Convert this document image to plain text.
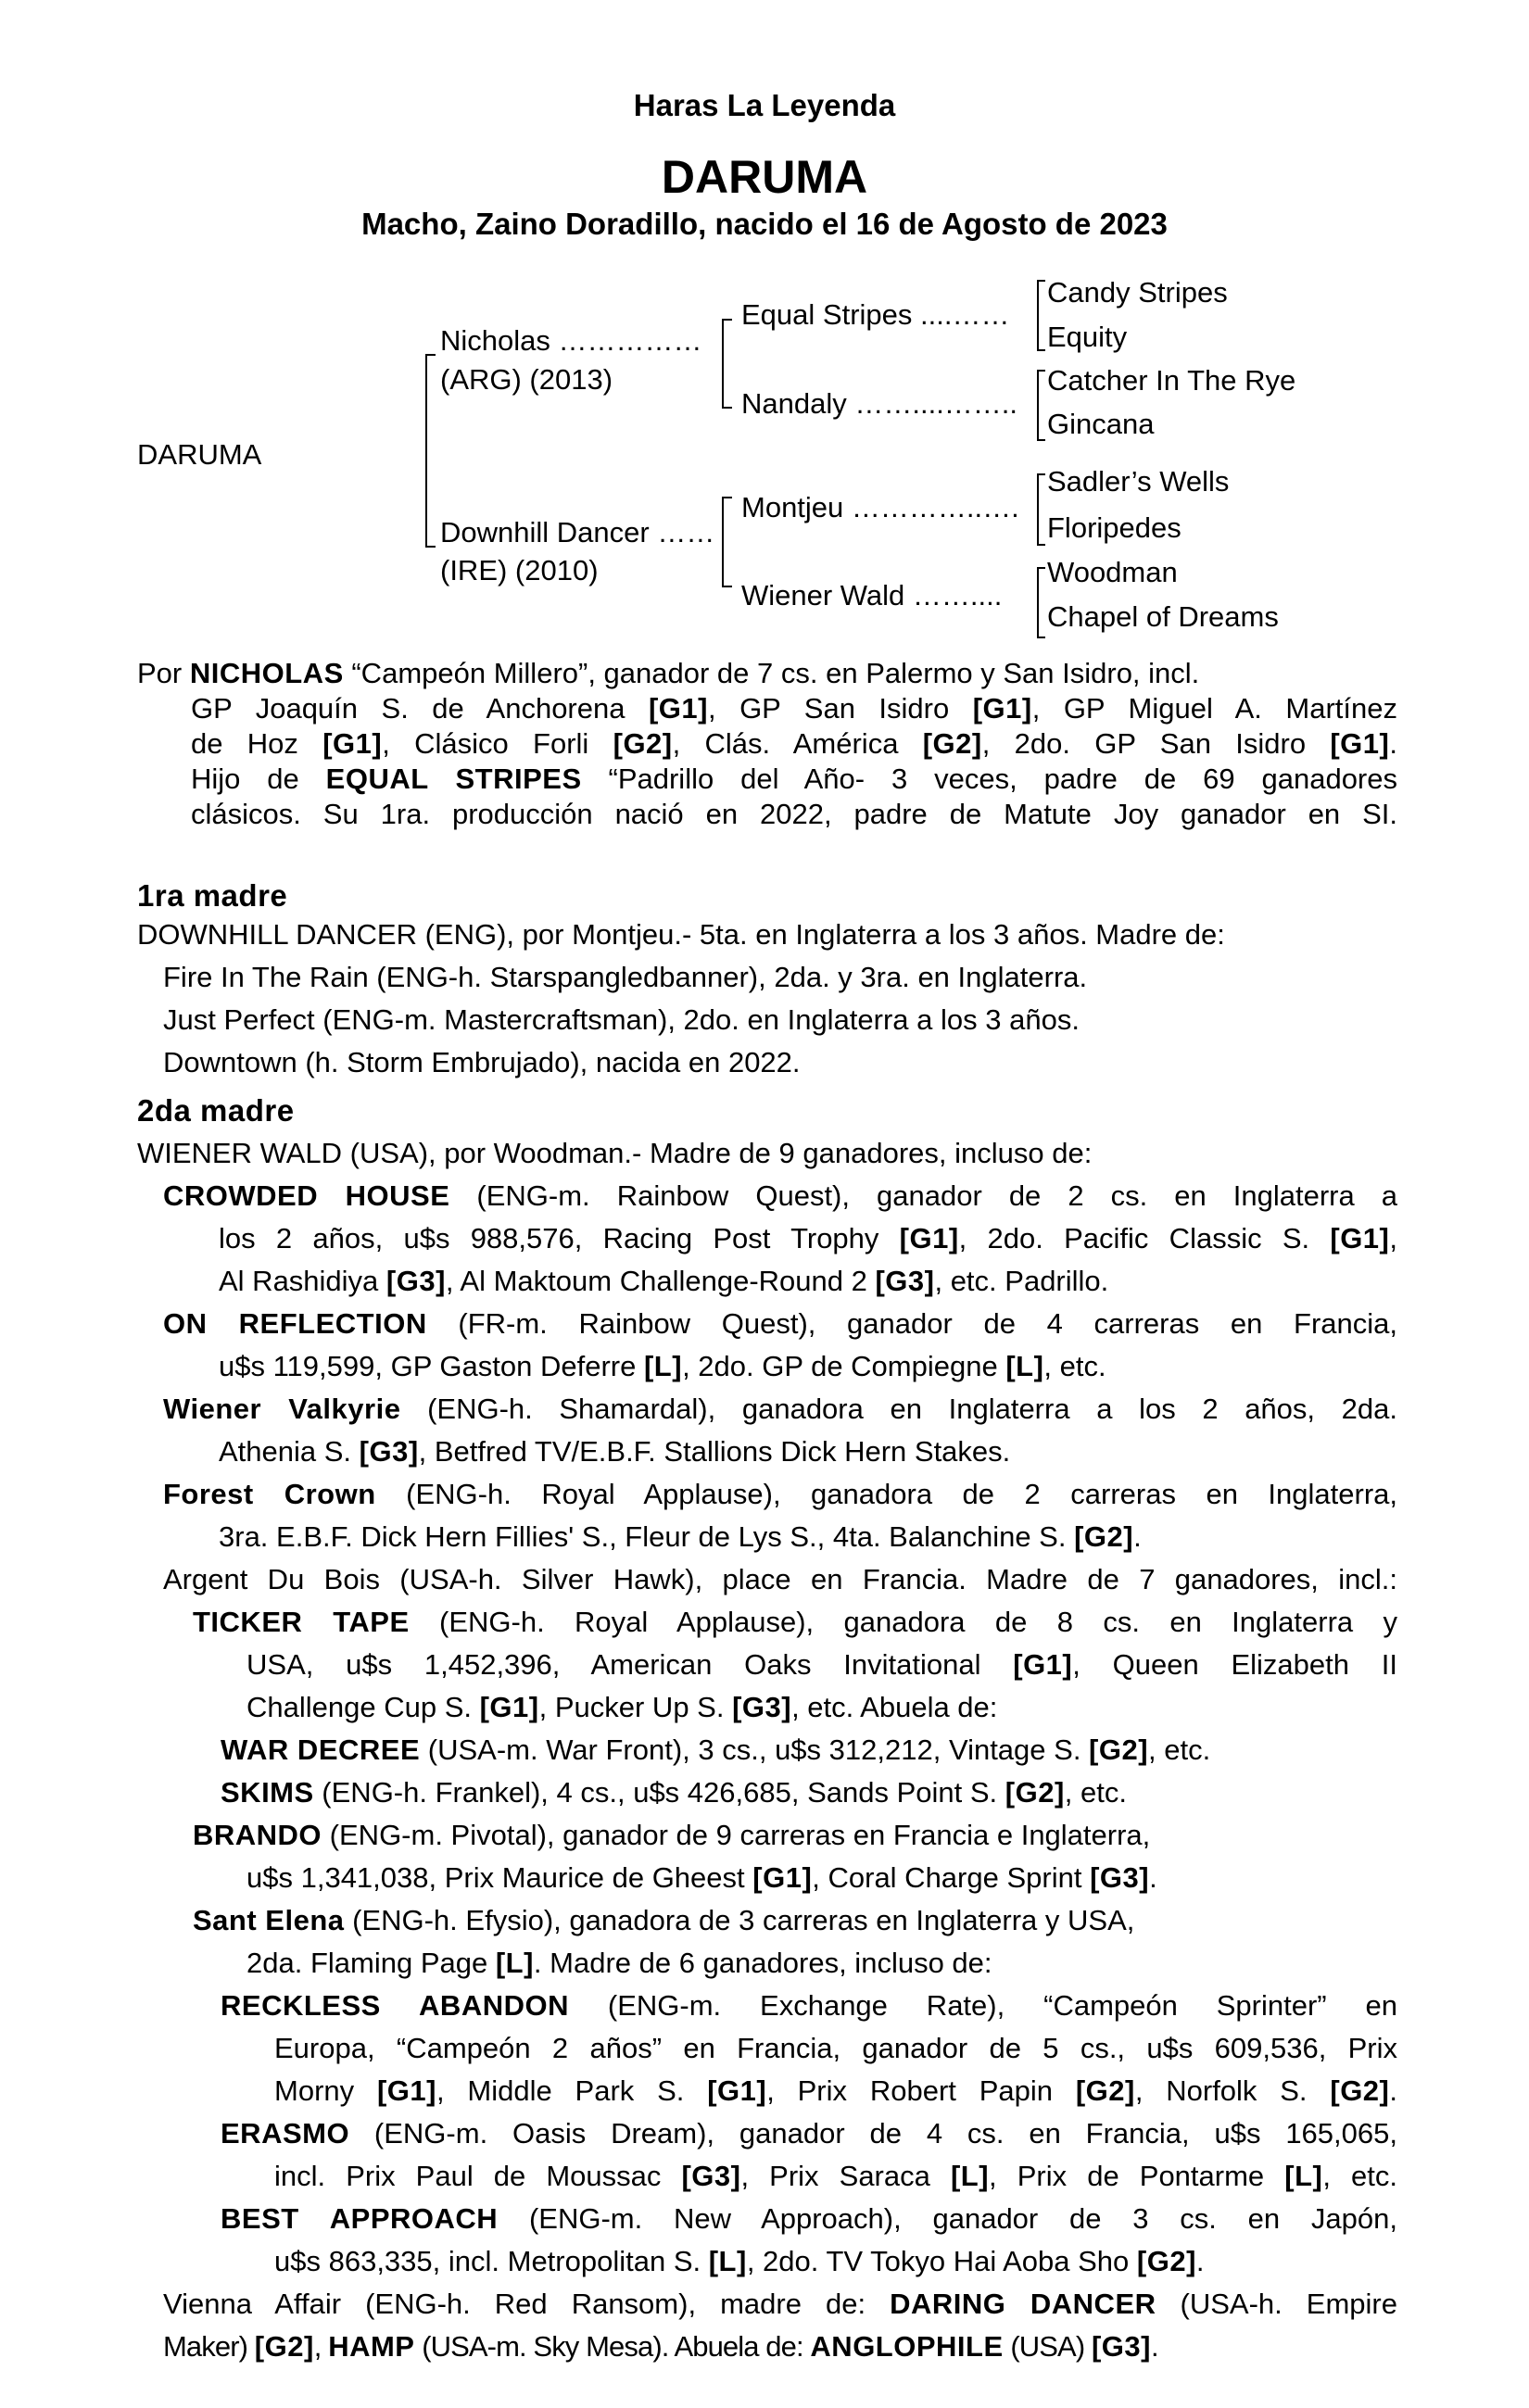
Haras La Leyenda
DARUMA
Macho, Zaino Doradillo, nacido el 16 de Agosto de 2023
DARUMA
Nicholas ……………
(ARG) (2013)
Downhill Dancer ……
(IRE) (2010)
Equal Stripes ....……
Nandaly ……....……..
Montjeu …………..….
Wiener Wald ……....
Candy Stripes
Equity
Catcher In The Rye
Gincana
Sadler’s Wells
Floripedes
Woodman
Chapel of Dreams
Por NICHOLAS “Campeón Millero”, ganador de 7 cs. en Palermo y San Isidro, incl.
GP Joaquín S. de Anchorena [G1], GP San Isidro [G1], GP Miguel A. Martínez
de Hoz [G1], Clásico Forli [G2], Clás. América [G2], 2do. GP San Isidro [G1].
Hijo de EQUAL STRIPES “Padrillo del Año- 3 veces, padre de 69 ganadores
clásicos. Su 1ra. producción nació en 2022, padre de Matute Joy ganador en SI.
1ra madre
DOWNHILL DANCER (ENG), por Montjeu.- 5ta. en Inglaterra a los 3 años. Madre de:
Fire In The Rain (ENG-h. Starspangledbanner), 2da. y 3ra. en Inglaterra.
Just Perfect (ENG-m. Mastercraftsman), 2do. en Inglaterra a los 3 años.
Downtown (h. Storm Embrujado), nacida en 2022.
2da madre
WIENER WALD (USA), por Woodman.- Madre de 9 ganadores, incluso de:
CROWDED HOUSE (ENG-m. Rainbow Quest), ganador de 2 cs. en Inglaterra a
los 2 años, u$s 988,576, Racing Post Trophy [G1], 2do. Pacific Classic S. [G1],
Al Rashidiya [G3], Al Maktoum Challenge-Round 2 [G3], etc. Padrillo.
ON REFLECTION (FR-m. Rainbow Quest), ganador de 4 carreras en Francia,
u$s 119,599, GP Gaston Deferre [L], 2do. GP de Compiegne [L], etc.
Wiener Valkyrie (ENG-h. Shamardal), ganadora en Inglaterra a los 2 años, 2da.
Athenia S. [G3], Betfred TV/E.B.F. Stallions Dick Hern Stakes.
Forest Crown (ENG-h. Royal Applause), ganadora de 2 carreras en Inglaterra,
3ra. E.B.F. Dick Hern Fillies' S., Fleur de Lys S., 4ta. Balanchine S. [G2].
Argent Du Bois (USA-h. Silver Hawk), place en Francia. Madre de 7 ganadores, incl.:
TICKER TAPE (ENG-h. Royal Applause), ganadora de 8 cs. en Inglaterra y
USA, u$s 1,452,396, American Oaks Invitational [G1], Queen Elizabeth II
Challenge Cup S. [G1], Pucker Up S. [G3], etc. Abuela de:
WAR DECREE (USA-m. War Front), 3 cs., u$s 312,212, Vintage S. [G2], etc.
SKIMS (ENG-h. Frankel), 4 cs., u$s 426,685, Sands Point S. [G2], etc.
BRANDO (ENG-m. Pivotal), ganador de 9 carreras en Francia e Inglaterra,
u$s 1,341,038, Prix Maurice de Gheest [G1], Coral Charge Sprint [G3].
Sant Elena (ENG-h. Efysio), ganadora de 3 carreras en Inglaterra y USA,
2da. Flaming Page [L]. Madre de 6 ganadores, incluso de:
RECKLESS ABANDON (ENG-m. Exchange Rate), “Campeón Sprinter” en
Europa, “Campeón 2 años” en Francia, ganador de 5 cs., u$s 609,536, Prix
Morny [G1], Middle Park S. [G1], Prix Robert Papin [G2], Norfolk S. [G2].
ERASMO (ENG-m. Oasis Dream), ganador de 4 cs. en Francia, u$s 165,065,
incl. Prix Paul de Moussac [G3], Prix Saraca [L], Prix de Pontarme [L], etc.
BEST APPROACH (ENG-m. New Approach), ganador de 3 cs. en Japón,
u$s 863,335, incl. Metropolitan S. [L], 2do. TV Tokyo Hai Aoba Sho [G2].
Vienna Affair (ENG-h. Red Ransom), madre de: DARING DANCER (USA-h. Empire
Maker) [G2], HAMP (USA-m. Sky Mesa). Abuela de: ANGLOPHILE (USA) [G3].
